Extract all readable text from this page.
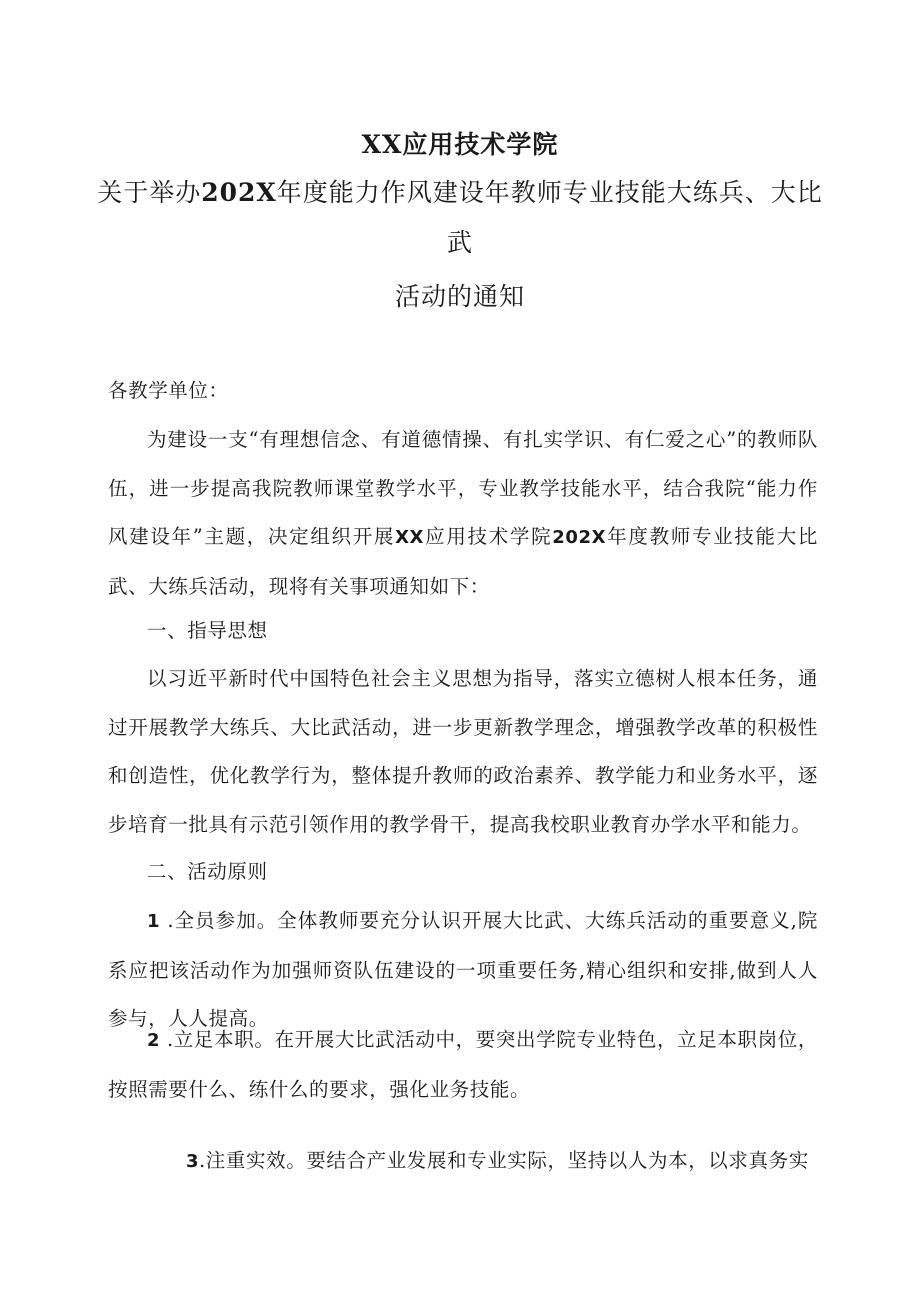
XX应用技术学院
关于举办202X年度能力作风建设年教师专业技能大练兵、大比
武
活动的通知

各教学单位：

为建设一支“有理想信念、有道德情操、有扎实学识、有仁爱之心”的教师队伍，进一步提高我院教师课堂教学水平，专业教学技能水平，结合我院“能力作风建设年”主题，决定组织开展XX应用技术学院202X年度教师专业技能大比武、大练兵活动，现将有关事项通知如下：

一、指导思想

以习近平新时代中国特色社会主义思想为指导，落实立德树人根本任务，通过开展教学大练兵、大比武活动，进一步更新教学理念，增强教学改革的积极性和创造性，优化教学行为，整体提升教师的政治素养、教学能力和业务水平，逐步培育一批具有示范引领作用的教学骨干，提高我校职业教育办学水平和能力。

二、活动原则

1 .全员参加。全体教师要充分认识开展大比武、大练兵活动的重要意义,院系应把该活动作为加强师资队伍建设的一项重要任务,精心组织和安排,做到人人参与，人人提高。

2 .立足本职。在开展大比武活动中，要突出学院专业特色，立足本职岗位，按照需要什么、练什么的要求，强化业务技能。

3.注重实效。要结合产业发展和专业实际，坚持以人为本，以求真务实
